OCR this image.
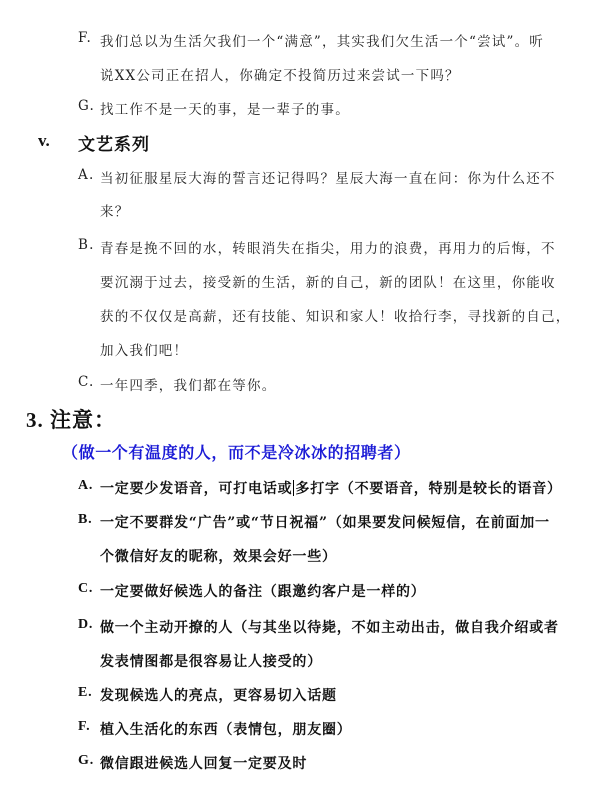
F. 我们总以为生活欠我们一个“满意”，其实我们欠生活一个“尝试”。听
说XX公司正在招人，你确定不投简历过来尝试一下吗？
G. 找工作不是一天的事，是一辈子的事。
v. 文艺系列
A. 当初征服星辰大海的誓言还记得吗？星辰大海一直在问：你为什么还不
来？
B. 青春是挽不回的水，转眼消失在指尖，用力的浪费，再用力的后悔，不
要沉溺于过去，接受新的生活，新的自己，新的团队！在这里，你能收
获的不仅仅是高薪，还有技能、知识和家人！收拾行李，寻找新的自己，
加入我们吧！
C. 一年四季，我们都在等你。
3. 注意：
（做一个有温度的人，而不是冷冰冰的招聘者）
A. 一定要少发语音，可打电话或 多打字（不要语音，特别是较长的语音）
B. 一定不要群发“广告”或“节日祝福”（如果要发问候短信，在前面加一
个微信好友的昵称，效果会好一些）
C. 一定要做好候选人的备注（跟邀约客户是一样的）
D. 做一个主动开撩的人（与其坐以待毙，不如主动出击，做自我介绍或者
发表情图都是很容易让人接受的）
E. 发现候选人的亮点，更容易切入话题
F. 植入生活化的东西（表情包，朋友圈）
G. 微信跟进候选人回复一定要及时
